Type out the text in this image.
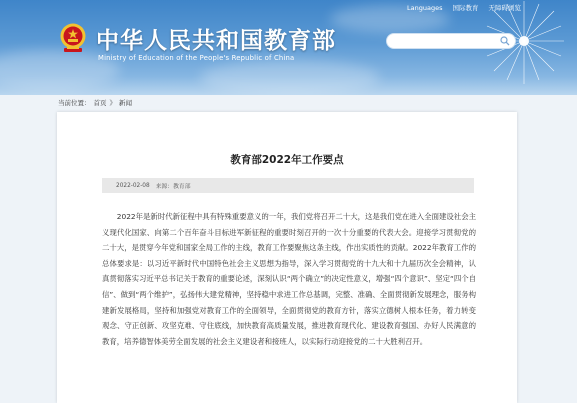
Languages 国际教育 无障碍浏览
中华人民共和国教育部
Ministry of Education of the People's Republic of China
当前位置： 首页 》 新闻
教育部2022年工作要点
2022-02-08 来源：教育部

2022年是新时代新征程中具有特殊重要意义的一年，我们党将召开二十大，这是我们党在进入全面建设社会主义现代化国家、向第二个百年奋斗目标进军新征程的重要时刻召开的一次十分重要的代表大会。迎接学习贯彻党的二十大，是贯穿今年党和国家全局工作的主线，教育工作要聚焦这条主线，作出实质性的贡献。2022年教育工作的总体要求是：以习近平新时代中国特色社会主义思想为指导，深入学习贯彻党的十九大和十九届历次全会精神，认真贯彻落实习近平总书记关于教育的重要论述，深刻认识“两个确立”的决定性意义，增强“四个意识”、坚定“四个自信”、做到“两个维护”，弘扬伟大建党精神，坚持稳中求进工作总基调，完整、准确、全面贯彻新发展理念，服务构建新发展格局，坚持和加强党对教育工作的全面领导，全面贯彻党的教育方针，落实立德树人根本任务，着力转变观念、守正创新、攻坚克难、守住底线，加快教育高质量发展，推进教育现代化、建设教育强国、办好人民满意的教育，培养德智体美劳全面发展的社会主义建设者和接班人，以实际行动迎接党的二十大胜利召开。
